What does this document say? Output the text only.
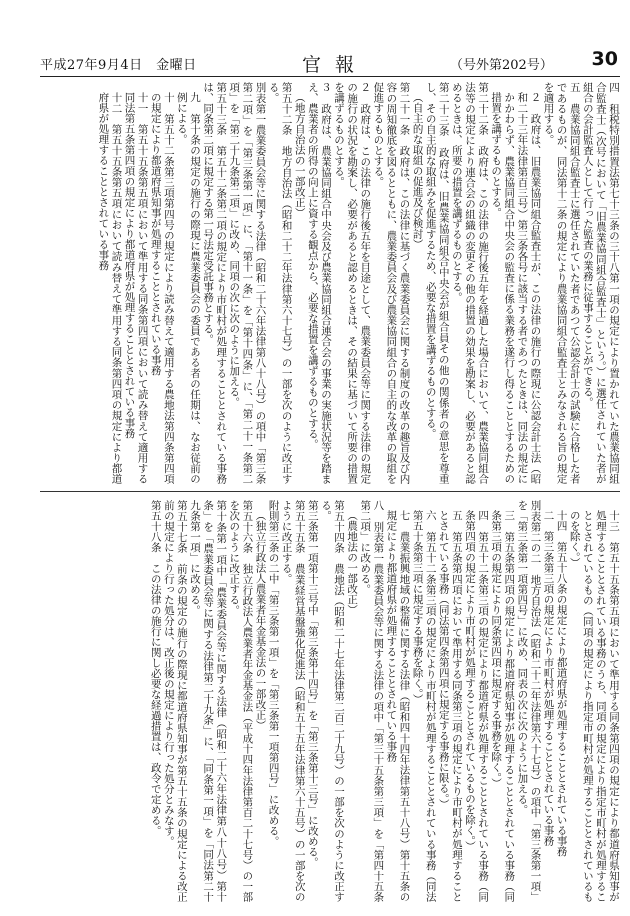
平成27年9月4日　金曜日	官報	（号外第202号） 30

四　租税特別措置法第七十三条の三十八第一項の規定により置かれていた農業協同組合監査士（次号において「旧農業協同組合監査士」という。）に選任されていた者が組合の会計監査人として行った監査の業務に従事することができる。

五　農業協同組合監査士に選任されていた者であつて公認会計士の試験に合格した者であるものが、同法第十二条の規定により農業協同組合監査士とみなされる旨の規定を適用する。

２　政府は、旧農業協同組合監査士が、この法律の施行の際現に公認会計士法（昭和二十三年法律第百三号）第三条各号に該当する者であつたときは、同法の規定にかかわらず、農業協同組合中央会の監査に係る業務を遂行し得ることとするための措置を講ずるものとする。

第二十二条　政府は、この法律の施行後五年を経過した場合において、農業協同組合法等の規定により連合会の組織の変更その他の措置の効果を勘案し、必要があると認めるときは、所要の措置を講ずるものとする。

第二十三条　政府は、旧農業協同組合中央会が組合員その他の関係者の意思を尊重し、その自主的な取組みを促進するため、必要な措置を講ずるものとする。

（自主的な取組の促進及び検討）

第二十一条　政府は、この法律に基づく農業委員会に関する制度の改革の趣旨及び内容の周知徹底を図るとともに、農業委員会及び農業協同組合の自主的な改革の取組を促進するものとする。

２　政府は、この法律の施行後五年を目途として、農業委員会等に関する法律の規定の施行の状況を勘案し、必要があると認めるときは、その結果に基づいて所要の措置を講ずるものとする。

３　政府は、農業協同組合中央会及び農業協同組合連合会の事業の実施状況等を踏まえ、農業者の所得の向上に資する観点から、必要な措置を講ずるものとする。

（地方自治法の一部改正）

第五十二条　地方自治法（昭和二十二年法律第六十七号）の一部を次のように改正する。

別表第一農業委員会等に関する法律（昭和二十六年法律第八十八号）の項中「第三条第二項」を「第三条第一項」に、「第十一条」を「第十四条」に、「第二十一条第二項」を「第二十九条第二項」に改め、同項の次に次のように加える。

第五十三条　第五十二条第二項の規定により市町村が処理することとされている事務は、同条第二項に規定する第一号法定受託事務とする。

九　第十条の規定の施行の際現に農業委員会の委員である者の任期は、なお従前の例による。

十　第五十二条第三項第四号の規定により読み替えて適用する農地法第四条第四項の規定により都道府県知事が処理することとされている事務

十一　第五十五条第五項において準用する同条第四項において読み替えて適用する同法第五条第四項の規定により都道府県が処理することとされている事務

十二　第五十五条第五項において読み替えて準用する同条第四項の規定により都道府県が処理することとされている事務

十三　第五十五条第五項において準用する同条第四項の規定により都道府県知事が処理することとされている事務のうち、同項の規定により指定市町村が処理することとされているもの（同項の規定により指定市町村が処理することとされているものを除く。）

十四　第五十八条の規定により都道府県が処理することとされている事務

二　第三条第三項の規定により市町村が処理することとされている事務

別表第二の二　地方自治法（昭和二十二年法律第六十七号）の項中「第三条第一項」を「第三条第一項第四号」に改め、同表の次に次のように加える。

三　第五条第四項の規定により都道府県知事が処理することとされている事務（同条第三項の規定により同条第四項に規定する事務を除く。）

四　第五十二条第三項の規定により都道府県が処理することとされている事務（同条第四項の規定により市町村が処理することとされているものを除く。）

五　第五条第四項において準用する同条第三項の規定により市町村が処理することとされている事務（同法第四条第四項に規定する事務に限る。）

六　第五十二条第三項の規定により市町村が処理することとされている事務（同法第五十条第三項に規定する事務を除く。）

七　農業振興地域の整備に関する法律（昭和四十四年法律第五十八号）第十五条の規定により都道府県が処理することとされている事務

八　別表第一農業委員会等に関する法律の項中「第三十五条第三項」を「第四十五条第二項」に改める。

（農地法の一部改正）

第五十四条　農地法（昭和二十七年法律第二百二十九号）の一部を次のように改正する。

第三条第一項第十三号中「第三条第十四号」を「第三条第十三号」に改める。

第五十五条　農業経営基盤強化促進法（昭和五十五年法律第六十五号）の一部を次のように改正する。

附則第三条の二中「第三条第一項」を「第三条第一項第四号」に改める。

（独立行政法人農業者年金基金法の一部改正）

第五十六条　独立行政法人農業者年金基金法（平成十四年法律第百二十七号）の一部を次のように改正する。

第十条第一項中「農業委員会等に関する法律（昭和二十六年法律第八十八号）第十条」を「農業委員会等に関する法律第二十九条」に、「同条第一項」を「同法第二十九条第一項」に改める。

第五十七条　前条の規定の施行の際現に都道府県知事が第五十五条の規定による改正前の規定により行った処分は、改正後の規定により行った処分とみなす。

第五十八条　この法律の施行に関し必要な経過措置は、政令で定める。
